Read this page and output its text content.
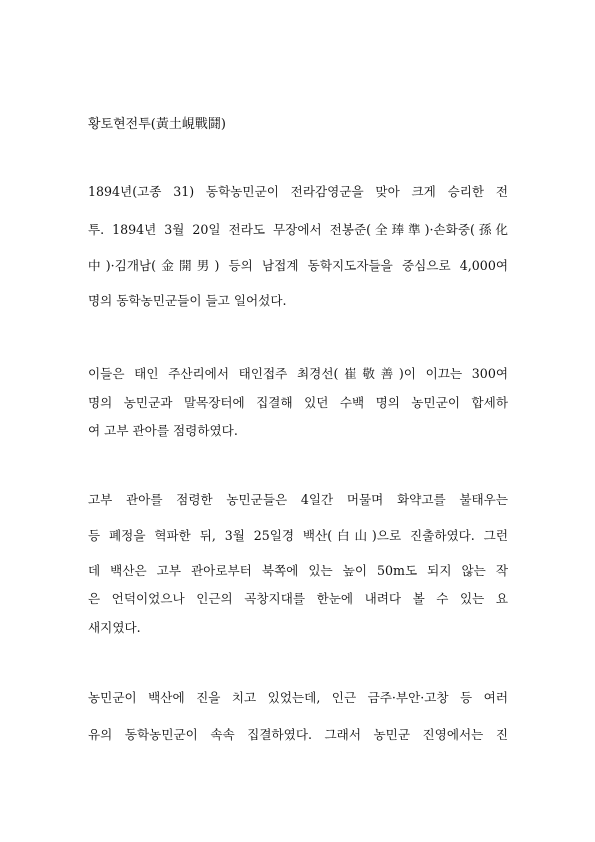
황토현전투(黃土峴戰鬪)
1894년(고종 31) 동학농민군이 전라감영군을 맞아 크게 승리한 전
투. 1894년 3월 20일 전라도 무장에서 전봉준(全琫準)·손화중(孫化
中)·김개남(金開男) 등의 남접계 동학지도자들을 중심으로 4,000여
명의 동학농민군들이 들고 일어섰다.
이들은 태인 주산리에서 태인접주 최경선(崔敬善)이 이끄는 300여
명의 농민군과 말목장터에 집결해 있던 수백 명의 농민군이 합세하
여 고부 관아를 점령하였다.
고부 관아를 점령한 농민군들은 4일간 머물며 화약고를 불태우는
등 폐정을 혁파한 뒤, 3월 25일경 백산(白山)으로 진출하였다. 그런
데 백산은 고부 관아로부터 북쪽에 있는 높이 50m도 되지 않는 작
은 언덕이었으나 인근의 곡창지대를 한눈에 내려다 볼 수 있는 요
새지였다.
농민군이 백산에 진을 치고 있었는데, 인근 금주·부안·고창 등 여러
유의 동학농민군이 속속 집결하였다. 그래서 농민군 진영에서는 진
